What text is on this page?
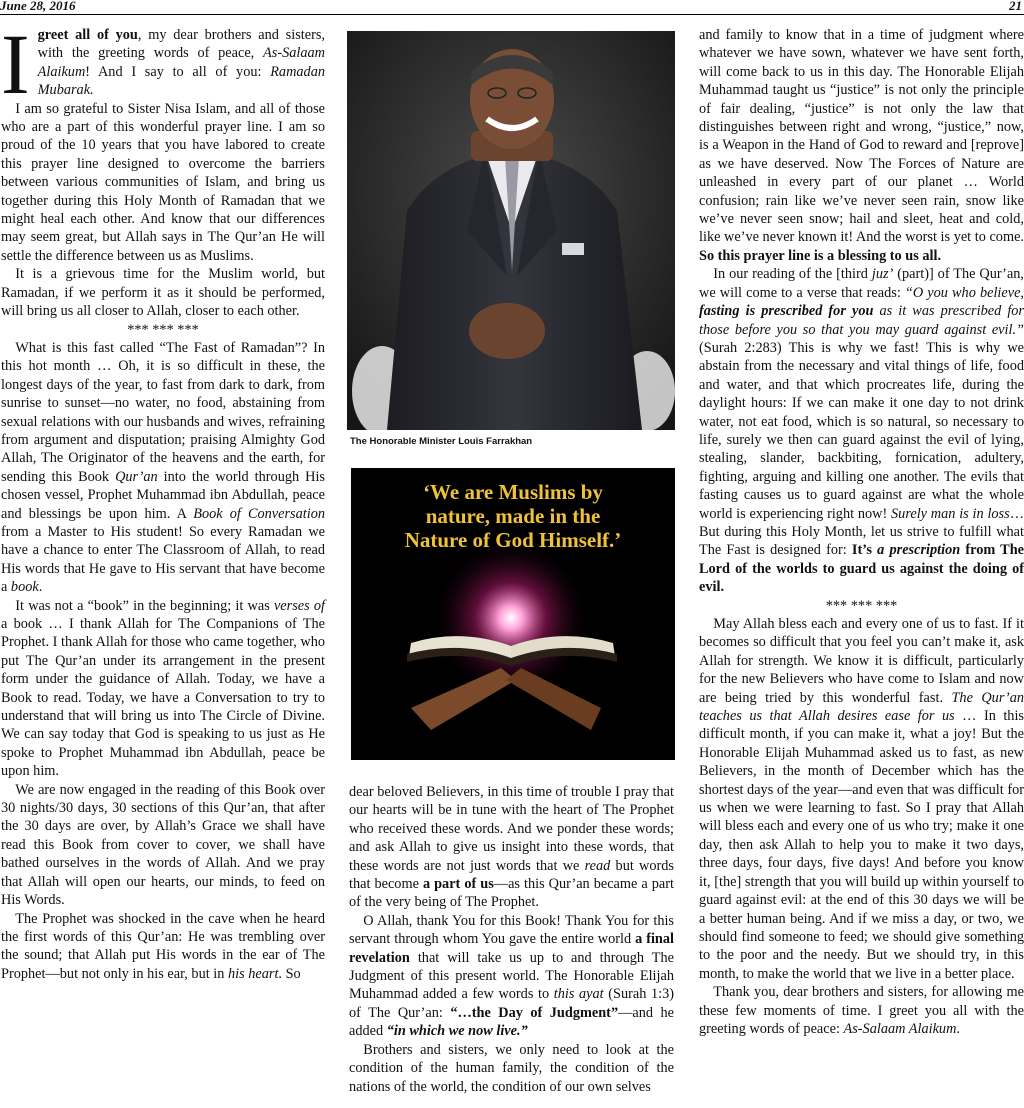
June 28, 2016	21

Igreet all of you, my dear brothers and sisters, with the greeting words of peace, As-Salaam Alaikum! And I say to all of you: Ramadan Mubarak.

I am so grateful to Sister Nisa Islam, and all of those who are a part of this wonderful prayer line. I am so proud of the 10 years that you have labored to create this prayer line designed to overcome the barriers between various communities of Islam, and bring us together during this Holy Month of Ramadan that we might heal each other. And know that our differences may seem great, but Allah says in The Qur’an He will settle the difference between us as Muslims.

It is a grievous time for the Muslim world, but Ramadan, if we perform it as it should be performed, will bring us all closer to Allah, closer to each other.

*** *** ***

What is this fast called “The Fast of Ramadan”? In this hot month … Oh, it is so difficult in these, the longest days of the year, to fast from dark to dark, from sunrise to sunset—no water, no food, abstaining from sexual relations with our husbands and wives, refraining from argument and disputation; praising Almighty God Allah, The Originator of the heavens and the earth, for sending this Book Qur’an into the world through His chosen vessel, Prophet Muhammad ibn Abdullah, peace and blessings be upon him. A Book of Conversation from a Master to His student! So every Ramadan we have a chance to enter The Classroom of Allah, to read His words that He gave to His servant that have become a book.

It was not a “book” in the beginning; it was verses of a book … I thank Allah for The Companions of The Prophet. I thank Allah for those who came together, who put The Qur’an under its arrangement in the present form under the guidance of Allah. Today, we have a Book to read. Today, we have a Conversation to try to understand that will bring us into The Circle of Divine. We can say today that God is speaking to us just as He spoke to Prophet Muhammad ibn Abdullah, peace be upon him.

We are now engaged in the reading of this Book over 30 nights/30 days, 30 sections of this Qur’an, that after the 30 days are over, by Allah’s Grace we shall have read this Book from cover to cover, we shall have bathed ourselves in the words of Allah. And we pray that Allah will open our hearts, our minds, to feed on His Words.

The Prophet was shocked in the cave when he heard the first words of this Qur’an: He was trembling over the sound; that Allah put His words in the ear of The Prophet—but not only in his ear, but in his heart. So

The Honorable Minister Louis Farrakhan
‘We are Muslims by
nature, made in the
Nature of God Himself.’

dear beloved Believers, in this time of trouble I pray that our hearts will be in tune with the heart of The Prophet who received these words. And we ponder these words; and ask Allah to give us insight into these words, that these words are not just words that we read but words that become a part of us—as this Qur’an became a part of the very being of The Prophet.

O Allah, thank You for this Book! Thank You for this servant through whom You gave the entire world a final revelation that will take us up to and through The Judgment of this present world. The Honorable Elijah Muhammad added a few words to this ayat (Surah 1:3) of The Qur’an: “…the Day of Judgment”—and he added “in which we now live.”

Brothers and sisters, we only need to look at the condition of the human family, the condition of the nations of the world, the condition of our own selves

and family to know that in a time of judgment where whatever we have sown, whatever we have sent forth, will come back to us in this day. The Honorable Elijah Muhammad taught us “justice” is not only the principle of fair dealing, “justice” is not only the law that distinguishes between right and wrong, “justice,” now, is a Weapon in the Hand of God to reward and [reprove] as we have deserved. Now The Forces of Nature are unleashed in every part of our planet … World confusion; rain like we’ve never seen rain, snow like we’ve never seen snow; hail and sleet, heat and cold, like we’ve never known it! And the worst is yet to come. So this prayer line is a blessing to us all.

In our reading of the [third juz’ (part)] of The Qur’an, we will come to a verse that reads: “O you who believe, fasting is prescribed for you as it was prescribed for those before you so that you may guard against evil.” (Surah 2:283) This is why we fast! This is why we abstain from the necessary and vital things of life, food and water, and that which procreates life, during the daylight hours: If we can make it one day to not drink water, not eat food, which is so natural, so necessary to life, surely we then can guard against the evil of lying, stealing, slander, backbiting, fornication, adultery, fighting, arguing and killing one another. The evils that fasting causes us to guard against are what the whole world is experiencing right now! Surely man is in loss… But during this Holy Month, let us strive to fulfill what The Fast is designed for: It’s a prescription from The Lord of the worlds to guard us against the doing of evil.

*** *** ***

May Allah bless each and every one of us to fast. If it becomes so difficult that you feel you can’t make it, ask Allah for strength. We know it is difficult, particularly for the new Believers who have come to Islam and now are being tried by this wonderful fast. The Qur’an teaches us that Allah desires ease for us … In this difficult month, if you can make it, what a joy! But the Honorable Elijah Muhammad asked us to fast, as new Believers, in the month of December which has the shortest days of the year—and even that was difficult for us when we were learning to fast. So I pray that Allah will bless each and every one of us who try; make it one day, then ask Allah to help you to make it two days, three days, four days, five days! And before you know it, [the] strength that you will build up within yourself to guard against evil: at the end of this 30 days we will be a better human being. And if we miss a day, or two, we should find someone to feed; we should give something to the poor and the needy. But we should try, in this month, to make the world that we live in a better place.

Thank you, dear brothers and sisters, for allowing me these few moments of time. I greet you all with the greeting words of peace: As-Salaam Alaikum.
